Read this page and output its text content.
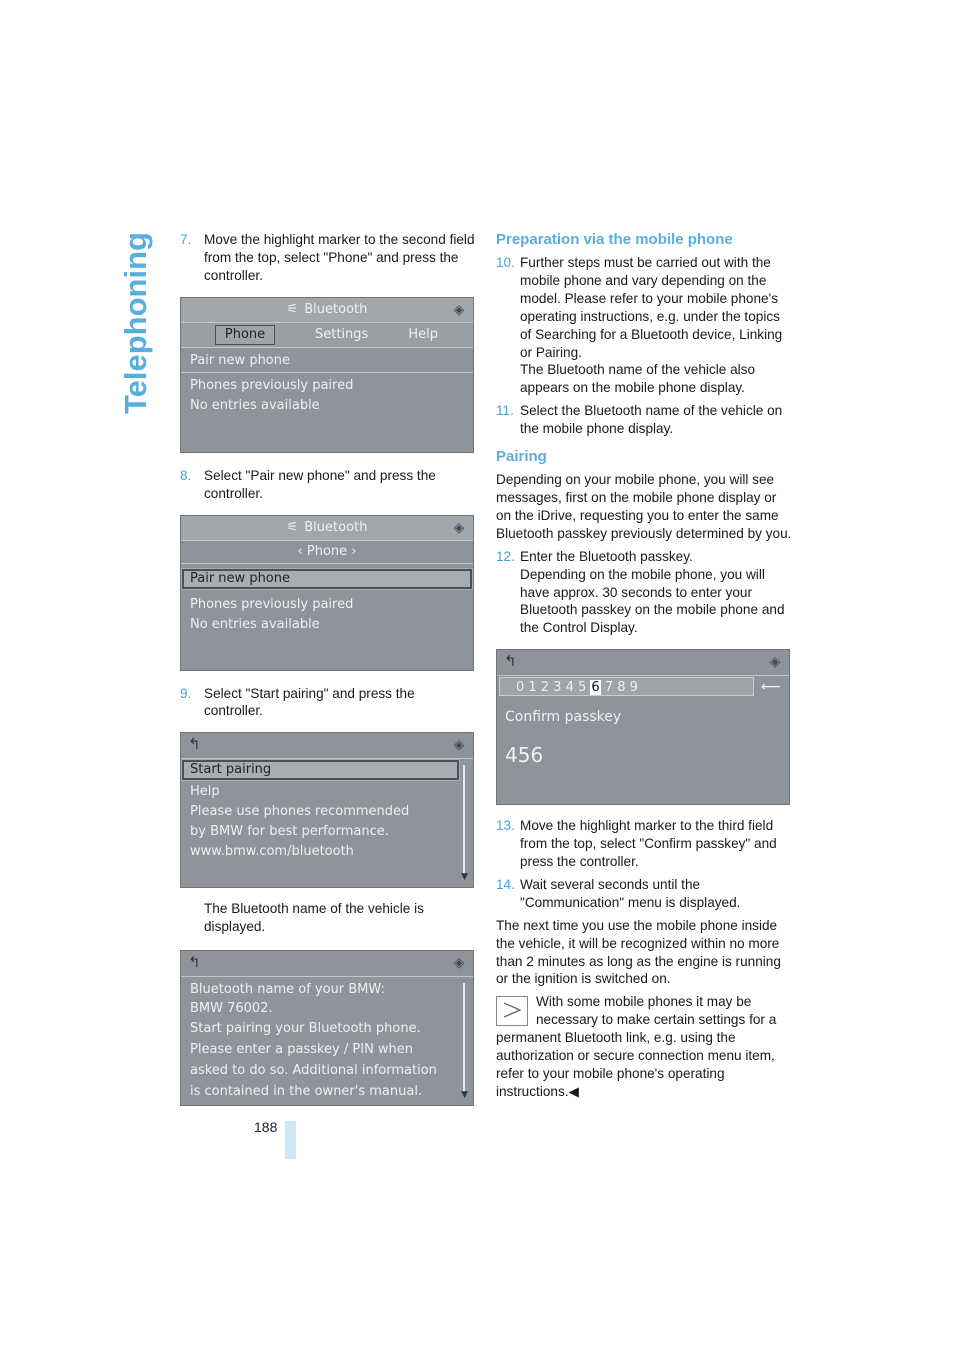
Telephoning 7. Move the highlight marker to the second field from the top, select "Phone" and press the controller.
⚟ Bluetooth	◈
Phone	Settings	Help
Pair new phone
Phones previously paired
No entries available
8. Select "Pair new phone" and press the controller.
⚟ Bluetooth	◈
‹ Phone ›
Pair new phone
Phones previously paired
No entries available
9. Select "Start pairing" and press the controller.
↰	◈
Start pairing
Help
Please use phones recommended
by BMW for best performance.
www.bmw.com/bluetooth
▼
The Bluetooth name of the vehicle is displayed.
↰	◈
Bluetooth name of your BMW:
BMW 76002.
Start pairing your Bluetooth phone.
Please enter a passkey / PIN when
asked to do so. Additional information
is contained in the owner's manual.	▼
Preparation via the mobile phone
10. Further steps must be carried out with the mobile phone and vary depending on the model. Please refer to your mobile phone's operating instructions, e.g. under the topics of Searching for a Bluetooth device, Linking or Pairing.
The Bluetooth name of the vehicle also appears on the mobile phone display.
11. Select the Bluetooth name of the vehicle on the mobile phone display.
Pairing

Depending on your mobile phone, you will see messages, first on the mobile phone display or on the iDrive, requesting you to enter the same Bluetooth passkey previously determined by you.

12. Enter the Bluetooth passkey.
Depending on the mobile phone, you will have approx. 30 seconds to enter your Bluetooth passkey on the mobile phone and the Control Display.
↰	◈
0 1 2 3 4 5 6 7 8 9	⟵
Confirm passkey
456
13. Move the highlight marker to the third field from the top, select "Confirm passkey" and press the controller.
14. Wait several seconds until the "Communication" menu is displayed.

The next time you use the mobile phone inside the vehicle, it will be recognized within no more than 2 minutes as long as the engine is running or the ignition is switched on.

With some mobile phones it may be necessary to make certain settings for a permanent Bluetooth link, e.g. using the authorization or secure connection menu item, refer to your mobile phone's operating instructions.◀
188
